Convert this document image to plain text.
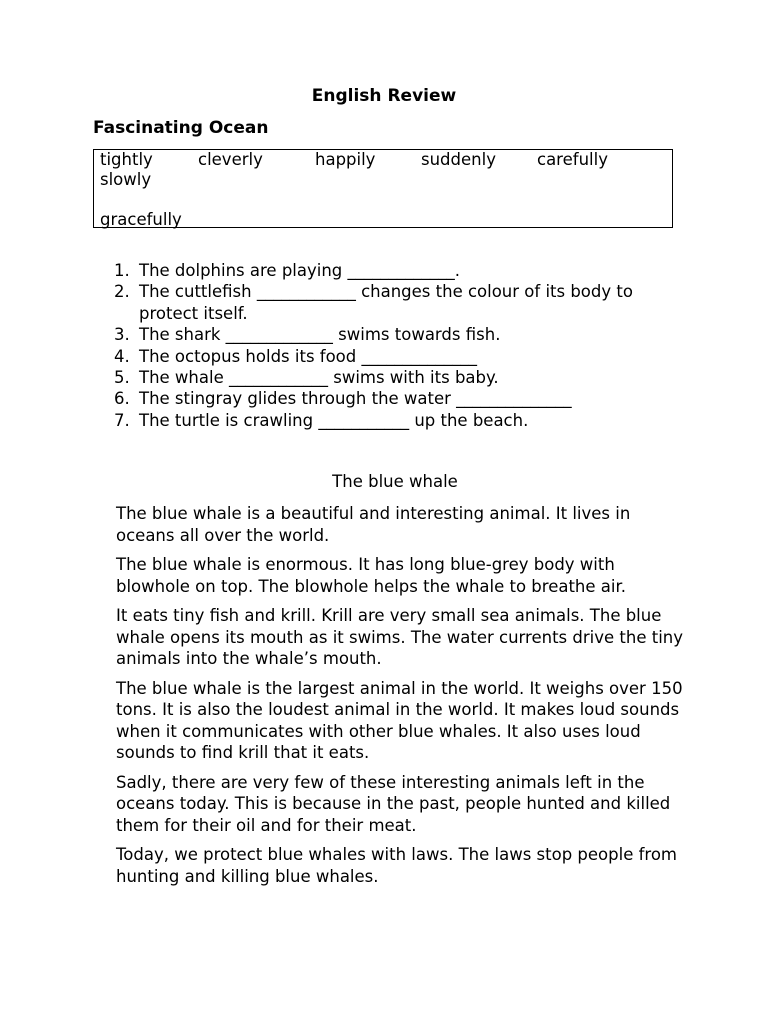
English Review
Fascinating Ocean
tightly	cleverly	happily	suddenly carefully
slowly
gracefully
1. The dolphins are playing _____________.
2. The cuttlefish ____________ changes the colour of its body to protect itself.
3. The shark _____________ swims towards fish.
4. The octopus holds its food ______________
5. The whale ____________ swims with its baby.
6. The stingray glides through the water ______________
7. The turtle is crawling ___________ up the beach.
The blue whale

The blue whale is a beautiful and interesting animal. It lives in oceans all over the world.

The blue whale is enormous. It has long blue-grey body with blowhole on top. The blowhole helps the whale to breathe air.

It eats tiny fish and krill. Krill are very small sea animals. The blue whale opens its mouth as it swims. The water currents drive the tiny animals into the whale’s mouth.

The blue whale is the largest animal in the world. It weighs over 150 tons. It is also the loudest animal in the world. It makes loud sounds when it communicates with other blue whales. It also uses loud sounds to find krill that it eats.

Sadly, there are very few of these interesting animals left in the oceans today. This is because in the past, people hunted and killed them for their oil and for their meat.

Today, we protect blue whales with laws. The laws stop people from hunting and killing blue whales.
